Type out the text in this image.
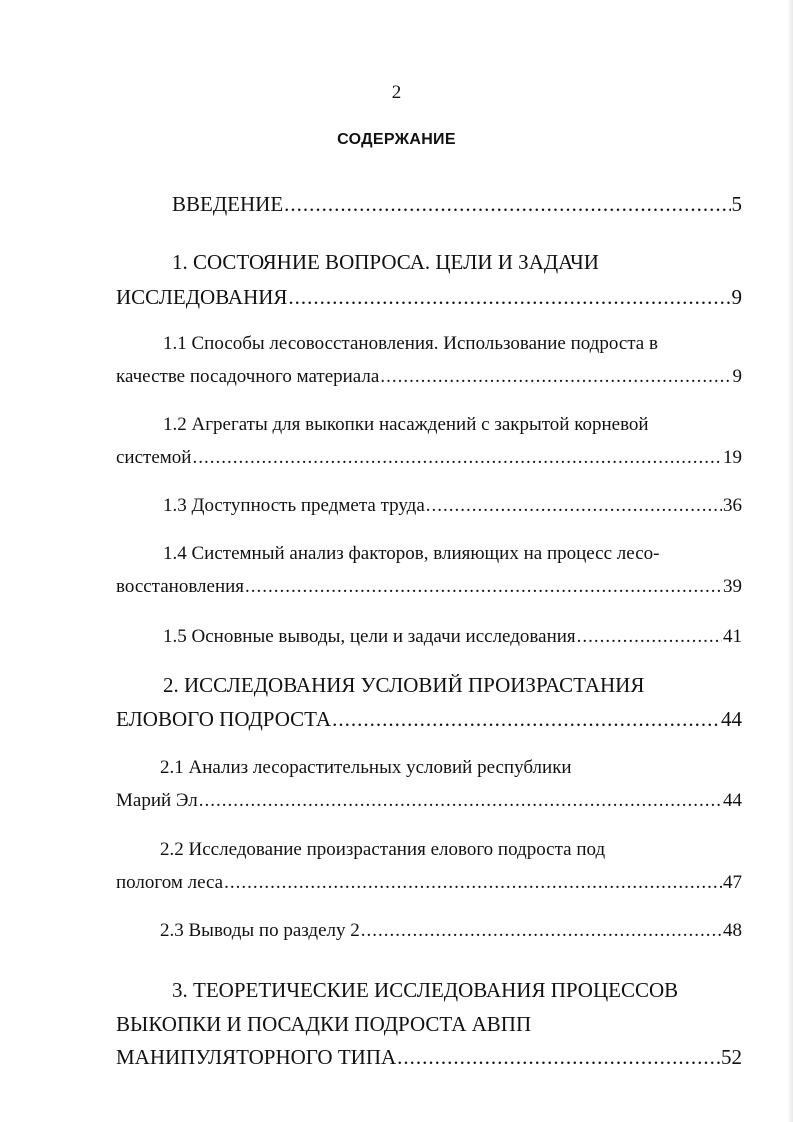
2
СОДЕРЖАНИЕ
ВВЕДЕНИЕ .....	5
1. СОСТОЯНИЕ ВОПРОСА. ЦЕЛИ И ЗАДАЧИ
ИССЛЕДОВАНИЯ .....	9
1.1 Способы лесовосстановления. Использование подроста в
качестве посадочного материала .....	9
1.2 Агрегаты для выкопки насаждений с закрытой корневой
системой .....	19
1.3 Доступность предмета труда .....	36
1.4 Системный анализ факторов, влияющих на процесс лесо-
восстановления .....	39
1.5 Основные выводы, цели и задачи исследования .....	41
2. ИССЛЕДОВАНИЯ УСЛОВИЙ ПРОИЗРАСТАНИЯ
ЕЛОВОГО ПОДРОСТА .....	44
2.1 Анализ лесорастительных условий республики
Марий Эл .....	44
2.2 Исследование произрастания елового подроста под
пологом леса .....	47
2.3 Выводы по разделу 2 .....	48
3. ТЕОРЕТИЧЕСКИЕ ИССЛЕДОВАНИЯ ПРОЦЕССОВ
ВЫКОПКИ И ПОСАДКИ ПОДРОСТА АВПП
МАНИПУЛЯТОРНОГО ТИПА .....	52
